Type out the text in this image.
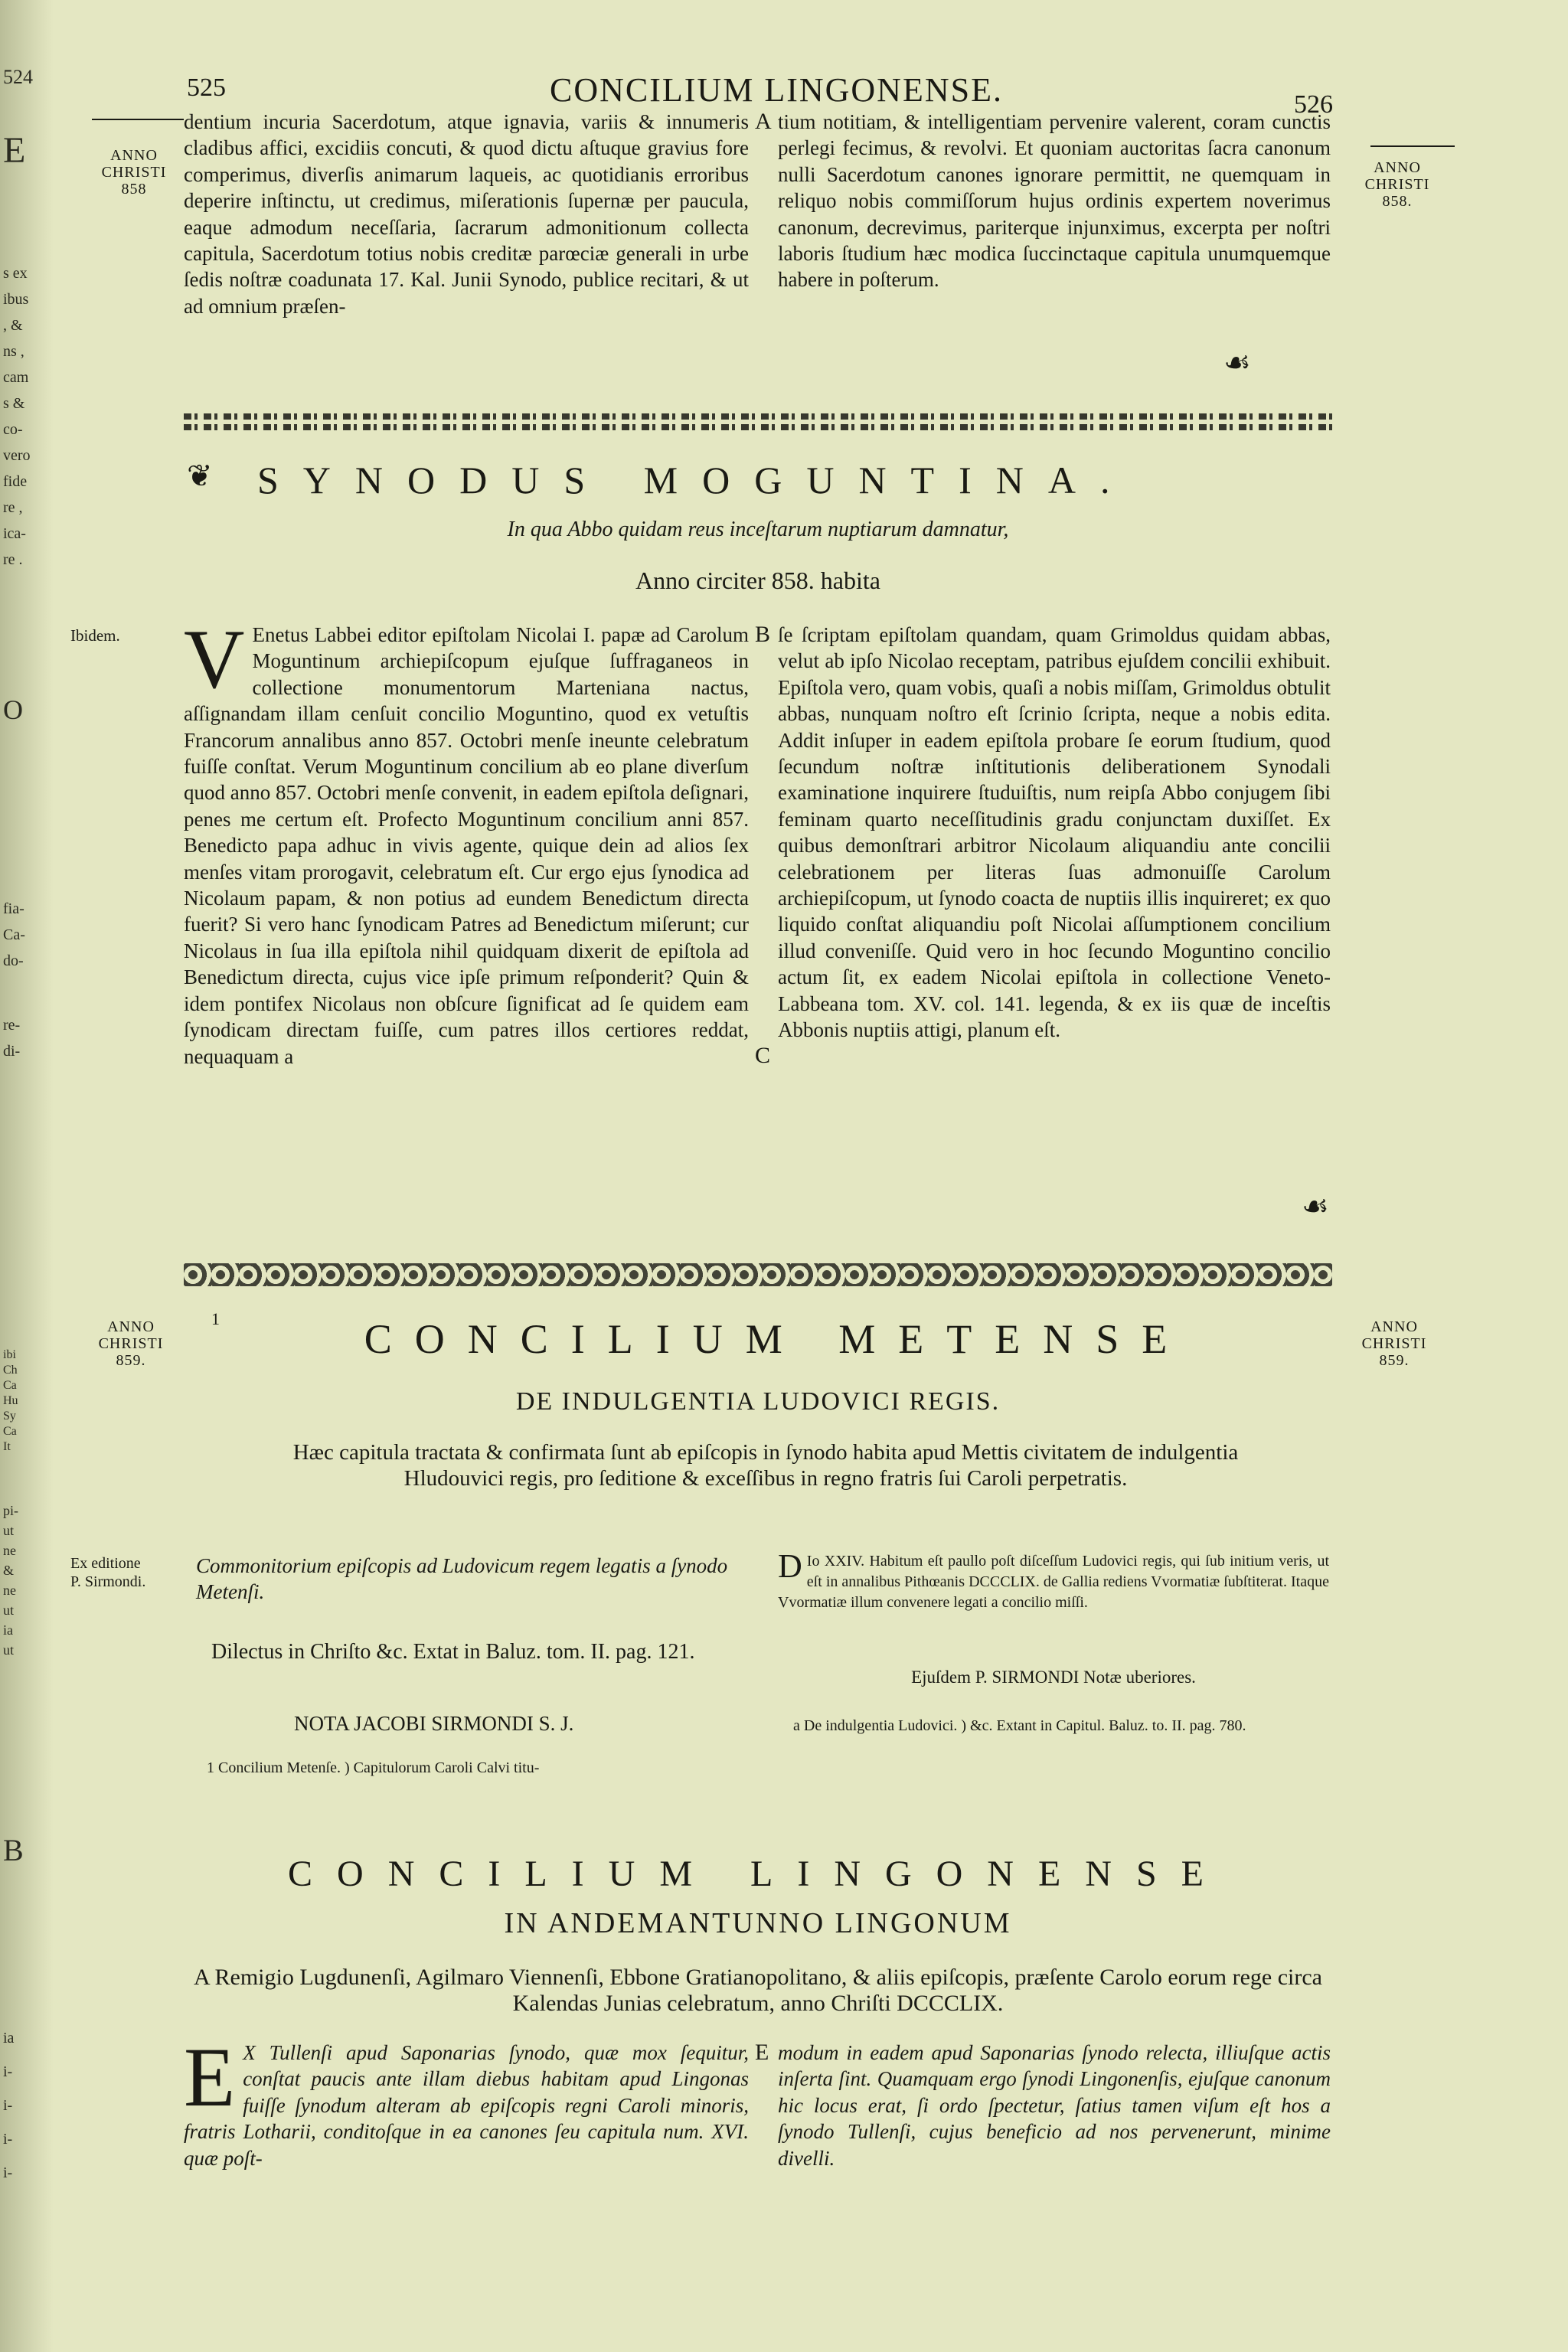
524
E
s ex
ibus
, &
ns ,
cam
s &
co-
vero
fide
re ,
ica-
re .
O
fia-
Ca-
do-
re-
di-
ibi
Ch
Ca
Hu
Sy
Ca
It
pi-
ut
ne
&
ne
ut
ia
ut
B
ia
i-
i-
i-
i-
525	CONCILIUM LINGONENSE.	526
ANNO
CHRISTI
858
ANNO
CHRISTI
858.
dentium incuria Sacerdotum, atque ignavia, variis & innumeris cladibus affici, excidiis concuti, & quod dictu aſtuque gravius fore comperimus, diverſis animarum laqueis, ac quotidianis erroribus deperire inſtinctu, ut credimus, miſerationis ſupernæ per paucula, eaque admodum neceſſaria, ſacrarum admonitionum collecta capitula, Sacerdotum totius nobis creditæ parœciæ generali in urbe ſedis noſtræ coadunata 17. Kal. Junii Synodo, publice recitari, & ut ad omnium præſen-
A tium notitiam, & intelligentiam pervenire valerent, coram cunctis perlegi fecimus, & revolvi. Et quoniam auctoritas ſacra canonum nulli Sacerdotum canones ignorare permittit, ne quemquam in reliquo nobis commiſſorum hujus ordinis expertem noverimus canonum, decrevimus, pariterque injunximus, excerpta per noſtri laboris ſtudium hæc modica ſuccinctaque capitula unumquemque habere in poſterum.
☙
❦ SYNODUS MOGUNTINA.
In qua Abbo quidam reus inceſtarum nuptiarum damnatur,
Anno circiter 858. habita
Ibidem. V Enetus Labbei editor epiſtolam Nicolai I. papæ ad Carolum Moguntinum archiepiſcopum ejuſque ſuffraganeos in collectione monumentorum Marteniana nactus, aſſignandam illam cenſuit concilio Moguntino, quod ex vetuſtis Francorum annalibus anno 857. Octobri menſe ineunte celebratum fuiſſe conſtat. Verum Moguntinum concilium ab eo plane diverſum quod anno 857. Octobri menſe convenit, in eadem epiſtola deſignari, penes me certum eſt. Profecto Moguntinum concilium anni 857. Benedicto papa adhuc in vivis agente, quique dein ad alios ſex menſes vitam prorogavit, celebratum eſt. Cur ergo ejus ſynodica ad Nicolaum papam, & non potius ad eundem Benedictum directa fuerit? Si vero hanc ſynodicam Patres ad Benedictum miſerunt; cur Nicolaus in ſua illa epiſtola nihil quidquam dixerit de epiſtola ad Benedictum directa, cujus vice ipſe primum reſponderit? Quin & idem pontifex Nicolaus non obſcure ſignificat ad ſe quidem eam ſynodicam directam fuiſſe, cum patres illos certiores reddat, nequaquam a
B
C
ſe ſcriptam epiſtolam quandam, quam Grimoldus quidam abbas, velut ab ipſo Nicolao receptam, patribus ejuſdem concilii exhibuit. Epiſtola vero, quam vobis, quaſi a nobis miſſam, Grimoldus obtulit abbas, nunquam noſtro eſt ſcrinio ſcripta, neque a nobis edita. Addit inſuper in eadem epiſtola probare ſe eorum ſtudium, quod ſecundum noſtræ inſtitutionis deliberationem Synodali examinatione inquirere ſtuduiſtis, num reipſa Abbo conjugem ſibi feminam quarto neceſſitudinis gradu conjunctam duxiſſet. Ex quibus demonſtrari arbitror Nicolaum aliquandiu ante concilii celebrationem per literas ſuas admonuiſſe Carolum archiepiſcopum, ut ſynodo coacta de nuptiis illis inquireret; ex quo liquido conſtat aliquandiu poſt Nicolai aſſumptionem concilium illud conveniſſe. Quid vero in hoc ſecundo Moguntino concilio actum ſit, ex eadem Nicolai epiſtola in collectione Veneto-Labbeana tom. XV. col. 141. legenda, & ex iis quæ de inceſtis Abbonis nuptiis attigi, planum eſt.
☙
ANNO
CHRISTI
859.
ANNO
CHRISTI
859.
1	CONCILIUM METENSE
DE INDULGENTIA LUDOVICI REGIS.
Hæc capitula tractata & confirmata ſunt ab epiſcopis in ſynodo habita apud Mettis civitatem de indulgentia Hludouvici regis, pro ſeditione & exceſſibus in regno fratris ſui Caroli perpetratis.
Ex editione
P. Sirmondi.
Commonitorium epiſcopis ad Ludovicum regem legatis a ſynodo Metenſi.
Dilectus in Chriſto &c. Extat in Baluz. tom. II. pag. 121.
NOTA JACOBI SIRMONDI S. J.
1 Concilium Metenſe. ) Capitulorum Caroli Calvi titu-
D Io XXIV. Habitum eſt paullo poſt diſceſſum Ludovici regis, qui ſub initium veris, ut eſt in annalibus Pithœanis DCCCLIX. de Gallia rediens Vvormatiæ ſubſtiterat. Itaque Vvormatiæ illum convenere legati a concilio miſſi.
Ejuſdem P. SIRMONDI Notæ uberiores.
a De indulgentia Ludovici. ) &c. Extant in Capitul. Baluz. to. II. pag. 780.
CONCILIUM LINGONENSE
IN ANDEMANTUNNO LINGONUM
A Remigio Lugdunenſi, Agilmaro Viennenſi, Ebbone Gratianopolitano, & aliis epiſcopis, præſente Carolo eorum rege circa Kalendas Junias celebratum, anno Chriſti DCCCLIX.
E X Tullenſi apud Saponarias ſynodo, quæ mox ſequitur, conſtat paucis ante illam diebus habitam apud Lingonas fuiſſe ſynodum alteram ab epiſcopis regni Caroli minoris, fratris Lotharii, conditoſque in ea canones ſeu capitula num. XVI. quæ poſt-
E modum in eadem apud Saponarias ſynodo relecta, illiuſque actis inſerta ſint. Quamquam ergo ſynodi Lingonenſis, ejuſque canonum hic locus erat, ſi ordo ſpectetur, ſatius tamen viſum eſt hos a ſynodo Tullenſi, cujus beneficio ad nos pervenerunt, minime divelli.
